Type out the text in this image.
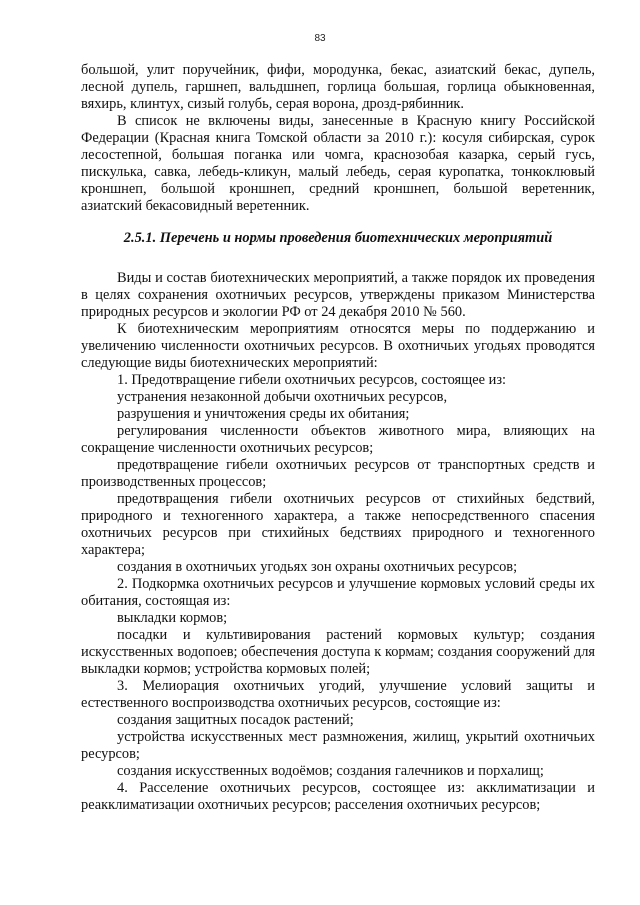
83

большой, улит поручейник, фифи, мородунка, бекас, азиатский бекас, дупель, лесной дупель, гаршнеп, вальдшнеп, горлица большая, горлица обыкновенная, вяхирь, клинтух, сизый голубь, серая ворона, дрозд-рябинник.

В список не включены виды, занесенные в Красную книгу Российской Федерации (Красная книга Томской области за 2010 г.): косуля сибирская, сурок лесостепной, большая поганка или чомга, краснозобая казарка, серый гусь, пискулька, савка, лебедь-кликун, малый лебедь, серая куропатка, тонкоклювый кроншнеп, большой кроншнеп, средний кроншнеп, большой веретенник, азиатский бекасовидный веретенник.

2.5.1. Перечень и нормы проведения биотехнических мероприятий

Виды и состав биотехнических мероприятий, а также порядок их проведения в целях сохранения охотничьих ресурсов, утверждены приказом Министерства природных ресурсов и экологии РФ от 24 декабря 2010 № 560.

К биотехническим мероприятиям относятся меры по поддержанию и увеличению численности охотничьих ресурсов. В охотничьих угодьях проводятся следующие виды биотехнических мероприятий:

1. Предотвращение гибели охотничьих ресурсов, состоящее из:

устранения незаконной добычи охотничьих ресурсов,

разрушения и уничтожения среды их обитания;

регулирования численности объектов животного мира, влияющих на сокращение численности охотничьих ресурсов;

предотвращение гибели охотничьих ресурсов от транспортных средств и производственных процессов;

предотвращения гибели охотничьих ресурсов от стихийных бедствий, природного и техногенного характера, а также непосредственного спасения охотничьих ресурсов при стихийных бедствиях природного и техногенного характера;

создания в охотничьих угодьях зон охраны охотничьих ресурсов;

2. Подкормка охотничьих ресурсов и улучшение кормовых условий среды их обитания, состоящая из:

выкладки кормов;

посадки и культивирования растений кормовых культур; создания искусственных водопоев; обеспечения доступа к кормам; создания сооружений для выкладки кормов; устройства кормовых полей;

3. Мелиорация охотничьих угодий, улучшение условий защиты и естественного воспроизводства охотничьих ресурсов, состоящие из:

создания защитных посадок растений;

устройства искусственных мест размножения, жилищ, укрытий охотничьих ресурсов;

создания искусственных водоёмов; создания галечников и порхалищ;

4. Расселение охотничьих ресурсов, состоящее из: акклиматизации и реакклиматизации охотничьих ресурсов; расселения охотничьих ресурсов;
